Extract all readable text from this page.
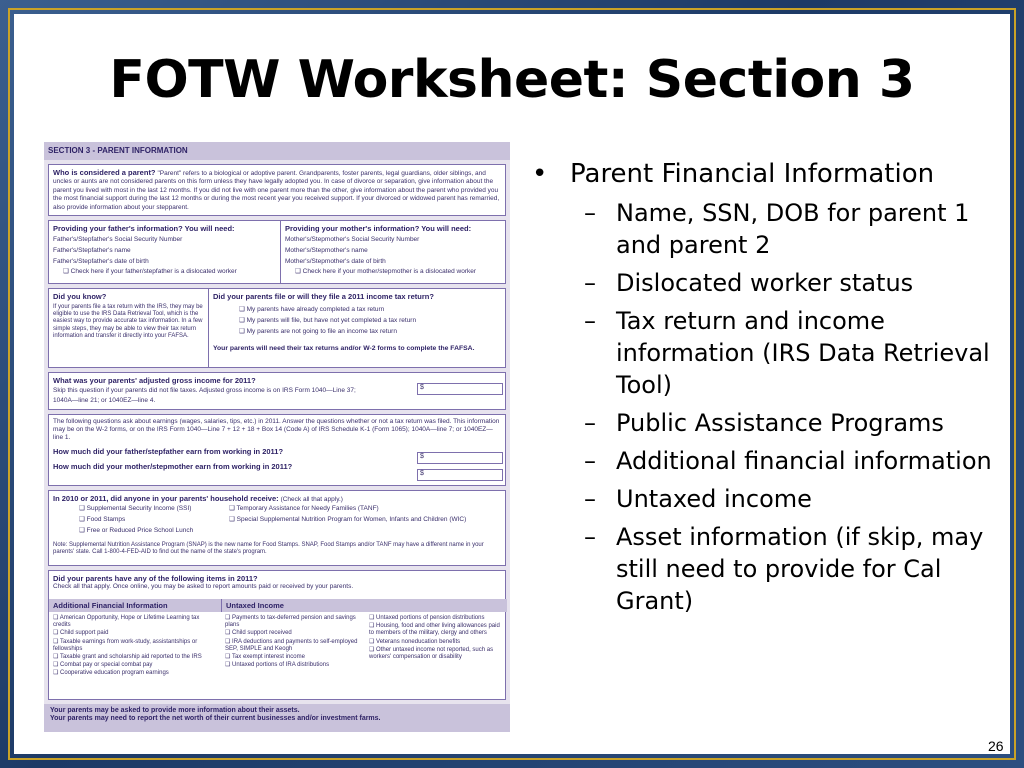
FOTW Worksheet: Section 3
SECTION 3 - PARENT INFORMATION
Who is considered a parent? "Parent" refers to a biological or adoptive parent. Grandparents, foster parents, legal guardians, older siblings, and uncles or aunts are not considered parents on this form unless they have legally adopted you. In case of divorce or separation, give information about the parent you lived with most in the last 12 months. If you did not live with one parent more than the other, give information about the parent who provided you the most financial support during the last 12 months or during the most recent year you received support. If your divorced or widowed parent has remarried, also provide information about your stepparent.
Providing your father's information? You will need:
Father's/Stepfather's Social Security Number
Father's/Stepfather's name
Father's/Stepfather's date of birth
❑ Check here if your father/stepfather is a dislocated worker
Providing your mother's information? You will need:
Mother's/Stepmother's Social Security Number
Mother's/Stepmother's name
Mother's/Stepmother's date of birth
❑ Check here if your mother/stepmother is a dislocated worker
Did you know?
If your parents file a tax return with the IRS, they may be eligible to use the IRS Data Retrieval Tool, which is the easiest way to provide accurate tax information. In a few simple steps, they may be able to view their tax return information and transfer it directly into your FAFSA.
Did your parents file or will they file a 2011 income tax return?
❑ My parents have already completed a tax return
❑ My parents will file, but have not yet completed a tax return
❑ My parents are not going to file an income tax return
Your parents will need their tax returns and/or W-2 forms to complete the FAFSA.
What was your parents' adjusted gross income for 2011?
Skip this question if your parents did not file taxes. Adjusted gross income is on IRS Form 1040—Line 37;
1040A—line 21; or 1040EZ—line 4.
$
The following questions ask about earnings (wages, salaries, tips, etc.) in 2011. Answer the questions whether or not a tax return was filed. This information may be on the W-2 forms, or on the IRS Form 1040—Line 7 + 12 + 18 + Box 14 (Code A) of IRS Schedule K-1 (Form 1065); 1040A—line 7; or 1040EZ—line 1.
How much did your father/stepfather earn from working in 2011?
How much did your mother/stepmother earn from working in 2011?
$
$
In 2010 or 2011, did anyone in your parents' household receive: (Check all that apply.)
❑ Supplemental Security Income (SSI)
❑ Food Stamps
❑ Free or Reduced Price School Lunch
❑ Temporary Assistance for Needy Families (TANF)
❑ Special Supplemental Nutrition Program for Women, Infants and Children (WIC)
Note: Supplemental Nutrition Assistance Program (SNAP) is the new name for Food Stamps. SNAP, Food Stamps and/or TANF may have a different name in your parents' state. Call 1-800-4-FED-AID to find out the name of the state's program.
Did your parents have any of the following items in 2011?
Check all that apply. Once online, you may be asked to report amounts paid or received by your parents.
Additional Financial Information	Untaxed Income
❑ American Opportunity, Hope or Lifetime Learning tax credits
❑ Child support paid
❑ Taxable earnings from work-study, assistantships or fellowships
❑ Taxable grant and scholarship aid reported to the IRS
❑ Combat pay or special combat pay
❑ Cooperative education program earnings
❑ Payments to tax-deferred pension and savings plans
❑ Child support received
❑ IRA deductions and payments to self-employed SEP, SIMPLE and Keogh
❑ Tax exempt interest income
❑ Untaxed portions of IRA distributions
❑ Untaxed portions of pension distributions
❑ Housing, food and other living allowances paid to members of the military, clergy and others
❑ Veterans noneducation benefits
❑ Other untaxed income not reported, such as workers' compensation or disability
Your parents may be asked to provide more information about their assets.
Your parents may need to report the net worth of their current businesses and/or investment farms.
• Parent Financial Information
– Name, SSN, DOB for parent 1 and parent 2
– Dislocated worker status
– Tax return and income information (IRS Data Retrieval Tool)
– Public Assistance Programs
– Additional financial information
– Untaxed income
– Asset information (if skip, may still need to provide for Cal Grant)
26
